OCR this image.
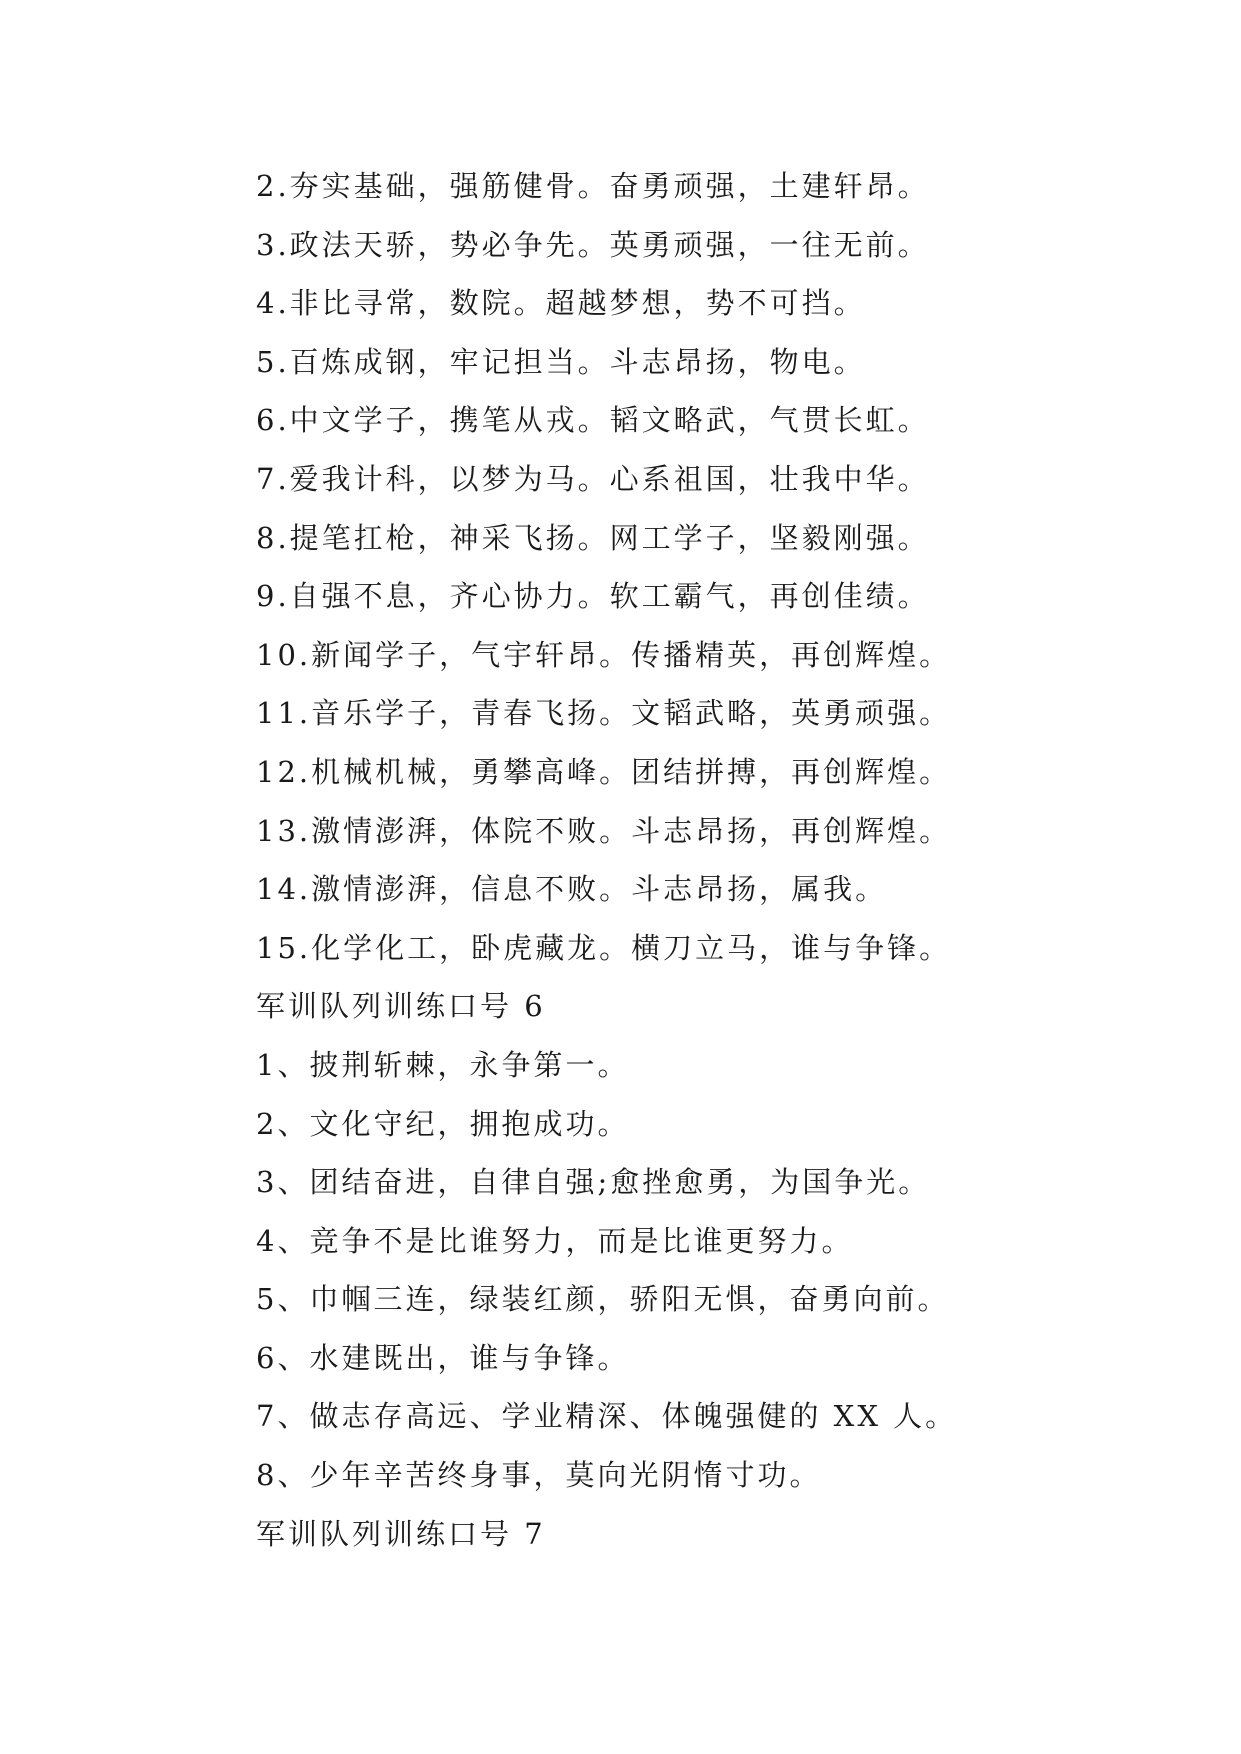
2.夯实基础，强筋健骨。奋勇顽强，土建轩昂。
3.政法天骄，势必争先。英勇顽强，一往无前。
4.非比寻常，数院。超越梦想，势不可挡。
5.百炼成钢，牢记担当。斗志昂扬，物电。
6.中文学子，携笔从戎。韬文略武，气贯长虹。
7.爱我计科，以梦为马。心系祖国，壮我中华。
8.提笔扛枪，神采飞扬。网工学子，坚毅刚强。
9.自强不息，齐心协力。软工霸气，再创佳绩。
10.新闻学子，气宇轩昂。传播精英，再创辉煌。
11.音乐学子，青春飞扬。文韬武略，英勇顽强。
12.机械机械，勇攀高峰。团结拼搏，再创辉煌。
13.激情澎湃，体院不败。斗志昂扬，再创辉煌。
14.激情澎湃，信息不败。斗志昂扬，属我。
15.化学化工，卧虎藏龙。横刀立马，谁与争锋。
军训队列训练口号 6
1、披荆斩棘，永争第一。
2、文化守纪，拥抱成功。
3、团结奋进，自律自强;愈挫愈勇，为国争光。
4、竞争不是比谁努力，而是比谁更努力。
5、巾帼三连，绿装红颜，骄阳无惧，奋勇向前。
6、水建既出，谁与争锋。
7、做志存高远、学业精深、体魄强健的 XX 人。
8、少年辛苦终身事，莫向光阴惰寸功。
军训队列训练口号 7
